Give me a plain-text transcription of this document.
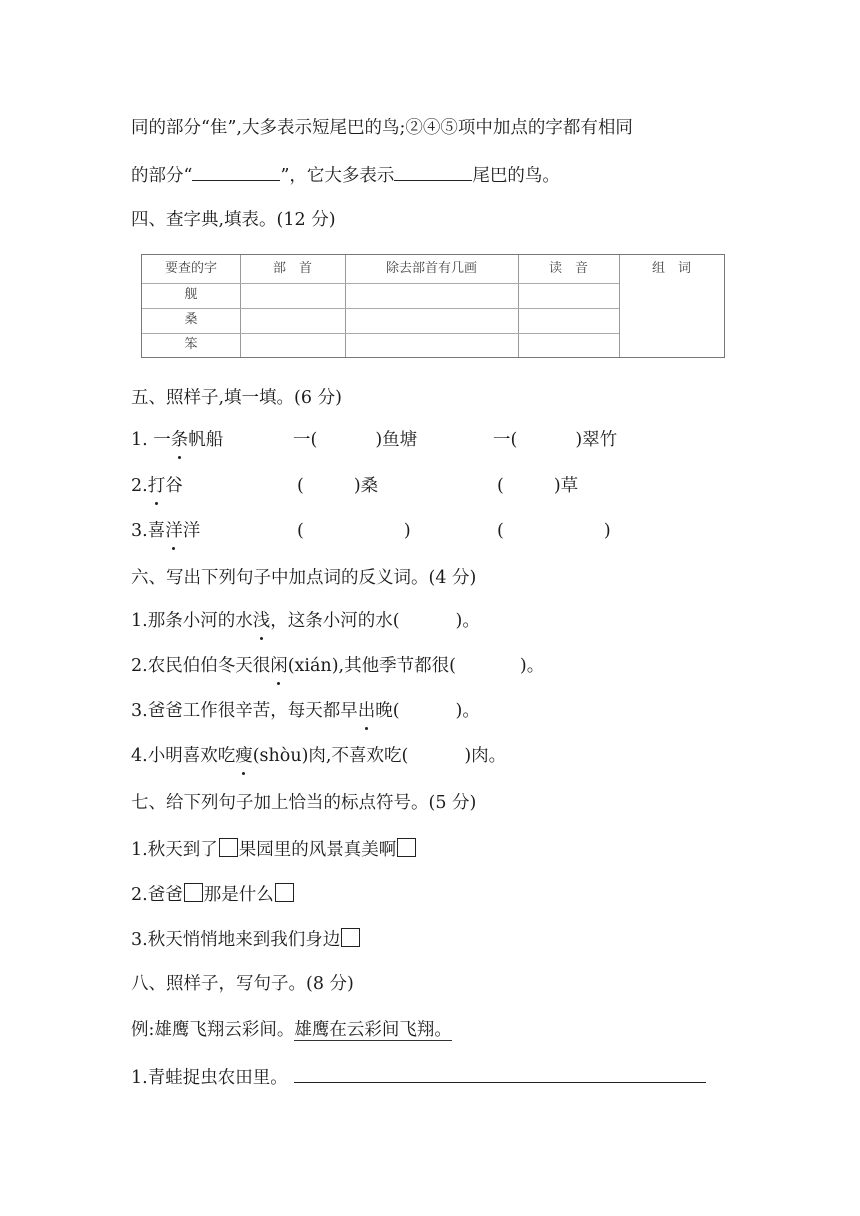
同的部分“隹”,大多表示短尾巴的鸟;②④⑤项中加点的字都有相同
的部分“	”，它大多表示	尾巴的鸟。
四、查字典,填表。(12 分)
要查的字	部　首	除去部首有几画	读　音	组　词
舰
桑
笨
五、照样子,填一填。(6 分)
1. 一条帆船	一(	)鱼塘	一(	)翠竹
2.打谷	(	)桑	(	)草
3.喜洋洋	(	)	(	)
六、写出下列句子中加点词的反义词。(4 分)
1.那条小河的水浅，这条小河的水(	)。
2.农民伯伯冬天很闲(xián),其他季节都很(	)。
3.爸爸工作很辛苦，每天都早出晚(	)。
4.小明喜欢吃瘦(shòu)肉,不喜欢吃(	)肉。
七、给下列句子加上恰当的标点符号。(5 分)
1.秋天到了 果园里的风景真美啊
2.爸爸 那是什么
3.秋天悄悄地来到我们身边
八、照样子，写句子。(8 分)
例:雄鹰飞翔云彩间。雄鹰在云彩间飞翔。
1.青蛙捉虫农田里。
